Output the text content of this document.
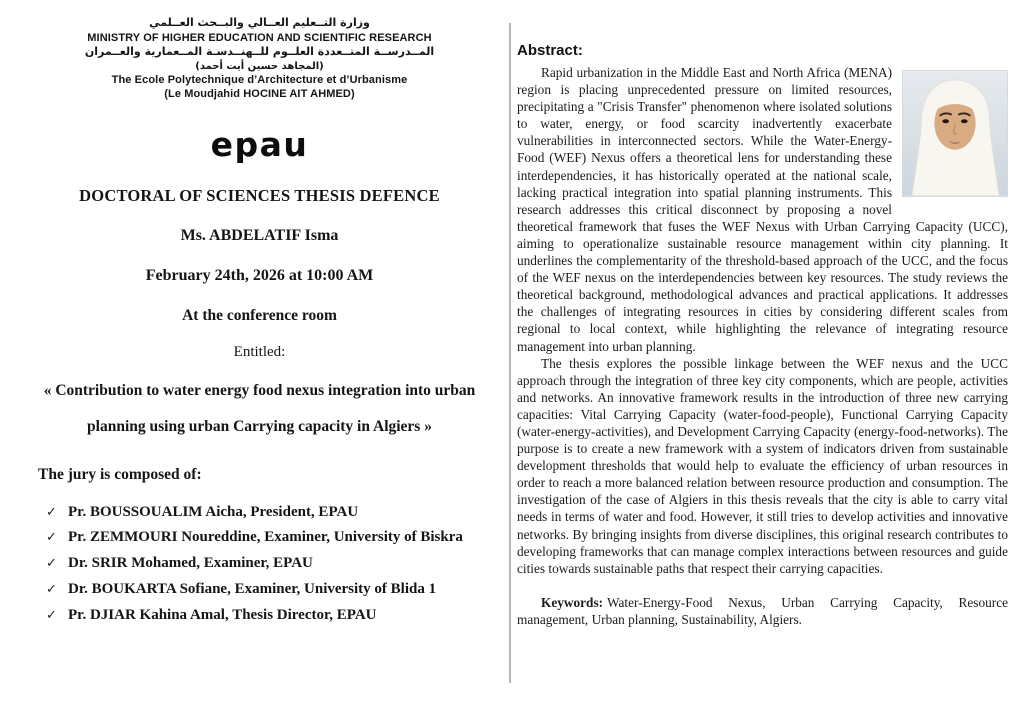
وزارة التــعليم العــالي والبــحث العــلمي
MINISTRY OF HIGHER EDUCATION AND SCIENTIFIC RESEARCH
المــدرســة المتــعددة العلــوم للــهنــدسـة المــعمارية والعــمران
(المجاهد حسين أيت أحمد)
The Ecole Polytechnique d’Architecture et d’Urbanisme
(Le Moudjahid HOCINE AIT AHMED)
epau
DOCTORAL OF SCIENCES THESIS DEFENCE
Ms. ABDELATIF Isma
February 24th, 2026 at 10:00 AM
At the conference room
Entitled:
« Contribution to water energy food nexus integration into urban planning using urban Carrying capacity in Algiers »
The jury is composed of:
✓ Pr. BOUSSOUALIM Aicha, President, EPAU
✓ Pr. ZEMMOURI Noureddine, Examiner, University of Biskra
✓ Dr. SRIR Mohamed, Examiner, EPAU
✓ Dr. BOUKARTA Sofiane, Examiner, University of Blida 1
✓ Pr. DJIAR Kahina Amal, Thesis Director, EPAU
Abstract:

Rapid urbanization in the Middle East and North Africa (MENA) region is placing unprecedented pressure on limited resources, precipitating a "Crisis Transfer" phenomenon where isolated solutions to water, energy, or food scarcity inadvertently exacerbate vulnerabilities in interconnected sectors. While the Water-Energy-Food (WEF) Nexus offers a theoretical lens for understanding these interdependencies, it has historically operated at the national scale, lacking practical integration into spatial planning instruments. This research addresses this critical disconnect by proposing a novel theoretical framework that fuses the WEF Nexus with Urban Carrying Capacity (UCC), aiming to operationalize sustainable resource management within city planning. It underlines the complementarity of the threshold-based approach of the UCC, and the focus of the WEF nexus on the interdependencies between key resources. The study reviews the theoretical background, methodological advances and practical applications. It addresses the challenges of integrating resources in cities by considering different scales from regional to local context, while highlighting the relevance of integrating resource management into urban planning.

The thesis explores the possible linkage between the WEF nexus and the UCC approach through the integration of three key city components, which are people, activities and networks. An innovative framework results in the introduction of three new carrying capacities: Vital Carrying Capacity (water-food-people), Functional Carrying Capacity (water-energy-activities), and Development Carrying Capacity (energy-food-networks). The purpose is to create a new framework with a system of indicators driven from sustainable development thresholds that would help to evaluate the efficiency of urban resources in order to reach a more balanced relation between resource production and consumption. The investigation of the case of Algiers in this thesis reveals that the city is able to carry vital needs in terms of water and food. However, it still tries to develop activities and innovative networks. By bringing insights from diverse disciplines, this original research contributes to developing frameworks that can manage complex interactions between resources and guide cities towards sustainable paths that respect their carrying capacities.

Keywords: Water-Energy-Food Nexus, Urban Carrying Capacity, Resource management, Urban planning, Sustainability, Algiers.
